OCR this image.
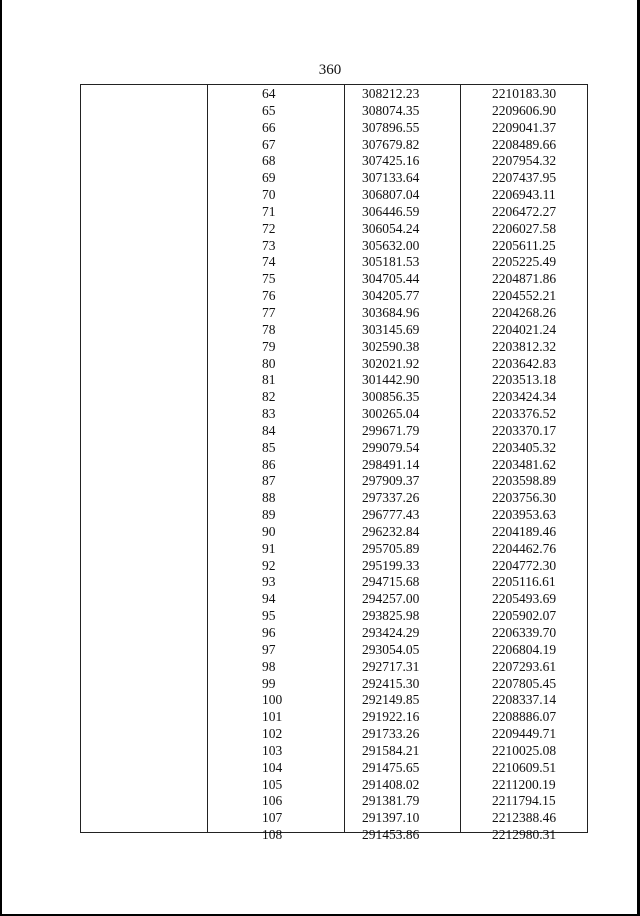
360
64	308212.23	2210183.30
65	308074.35	2209606.90
66	307896.55	2209041.37
67	307679.82	2208489.66
68	307425.16	2207954.32
69	307133.64	2207437.95
70	306807.04	2206943.11
71	306446.59	2206472.27
72	306054.24	2206027.58
73	305632.00	2205611.25
74	305181.53	2205225.49
75	304705.44	2204871.86
76	304205.77	2204552.21
77	303684.96	2204268.26
78	303145.69	2204021.24
79	302590.38	2203812.32
80	302021.92	2203642.83
81	301442.90	2203513.18
82	300856.35	2203424.34
83	300265.04	2203376.52
84	299671.79	2203370.17
85	299079.54	2203405.32
86	298491.14	2203481.62
87	297909.37	2203598.89
88	297337.26	2203756.30
89	296777.43	2203953.63
90	296232.84	2204189.46
91	295705.89	2204462.76
92	295199.33	2204772.30
93	294715.68	2205116.61
94	294257.00	2205493.69
95	293825.98	2205902.07
96	293424.29	2206339.70
97	293054.05	2206804.19
98	292717.31	2207293.61
99	292415.30	2207805.45
100	292149.85	2208337.14
101	291922.16	2208886.07
102	291733.26	2209449.71
103	291584.21	2210025.08
104	291475.65	2210609.51
105	291408.02	2211200.19
106	291381.79	2211794.15
107	291397.10	2212388.46
108	291453.86	2212980.31
